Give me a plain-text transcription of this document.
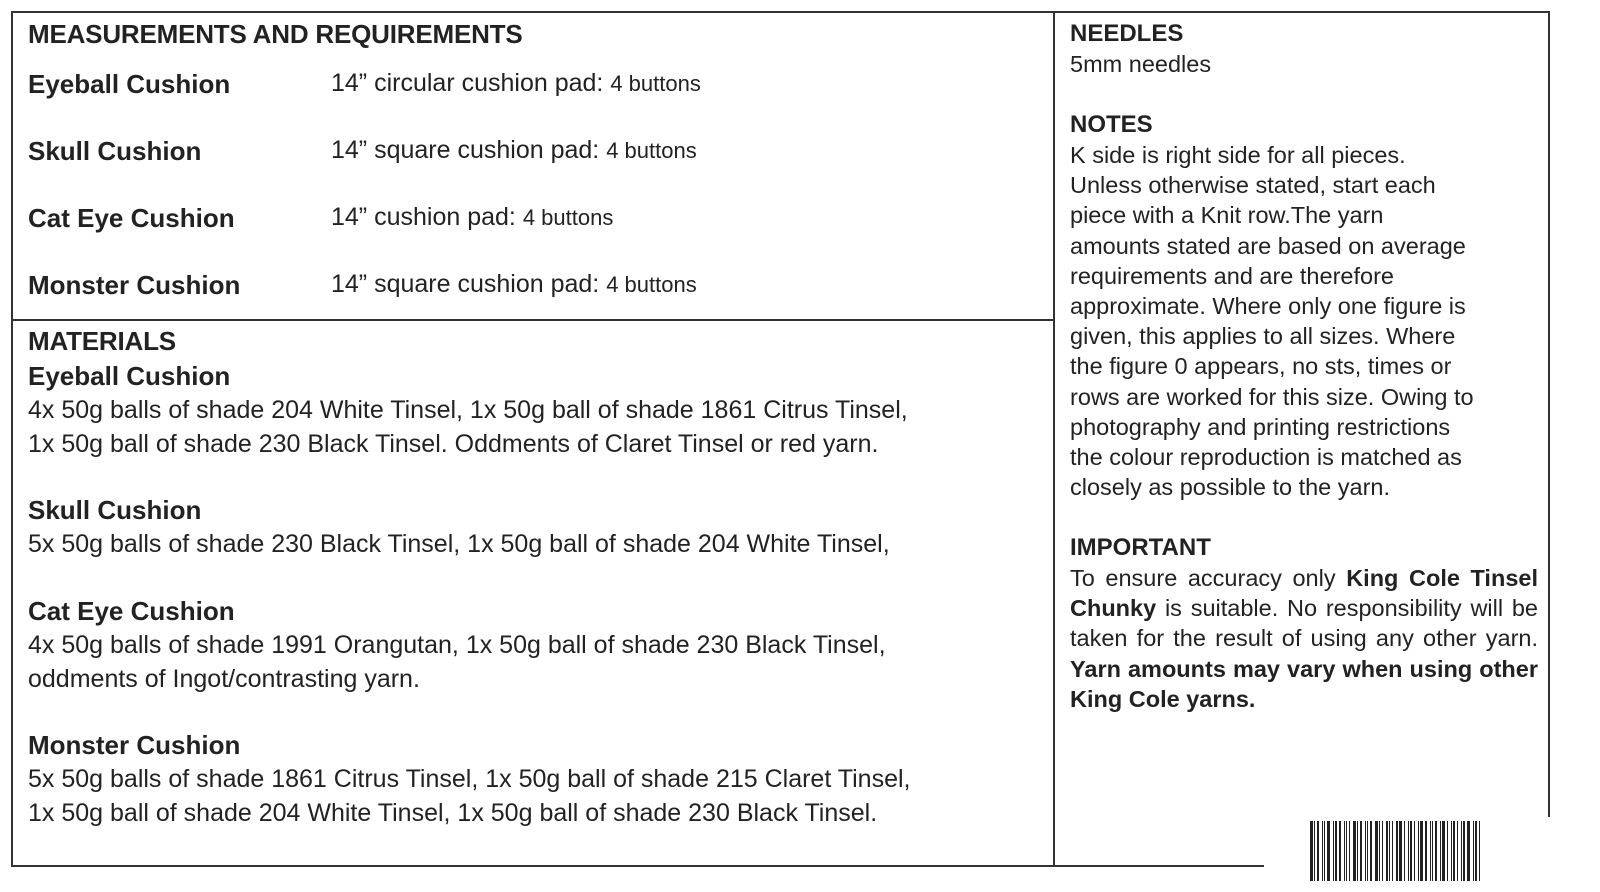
MEASUREMENTS AND REQUIREMENTS
Eyeball Cushion	14” circular cushion pad: 4 buttons
Skull Cushion	14” square cushion pad: 4 buttons
Cat Eye Cushion	14” cushion pad: 4 buttons
Monster Cushion	14” square cushion pad: 4 buttons
MATERIALS
Eyeball Cushion
4x 50g balls of shade 204 White Tinsel, 1x 50g ball of shade 1861 Citrus Tinsel,
1x 50g ball of shade 230 Black Tinsel. Oddments of Claret Tinsel or red yarn.
Skull Cushion
5x 50g balls of shade 230 Black Tinsel, 1x 50g ball of shade 204 White Tinsel,
Cat Eye Cushion
4x 50g balls of shade 1991 Orangutan, 1x 50g ball of shade 230 Black Tinsel,
oddments of Ingot/contrasting yarn.
Monster Cushion
5x 50g balls of shade 1861 Citrus Tinsel, 1x 50g ball of shade 215 Claret Tinsel,
1x 50g ball of shade 204 White Tinsel, 1x 50g ball of shade 230 Black Tinsel.
NEEDLES
5mm needles
NOTES
K side is right side for all pieces.
Unless otherwise stated, start each
piece with a Knit row.The yarn
amounts stated are based on average
requirements and are therefore
approximate. Where only one figure is
given, this applies to all sizes. Where
the figure 0 appears, no sts, times or
rows are worked for this size. Owing to
photography and printing restrictions
the colour reproduction is matched as
closely as possible to the yarn.
IMPORTANT
To ensure accuracy only King Cole Tinsel Chunky is suitable. No responsibility will be taken for the result of using any other yarn. Yarn amounts may vary when using other King Cole yarns.
